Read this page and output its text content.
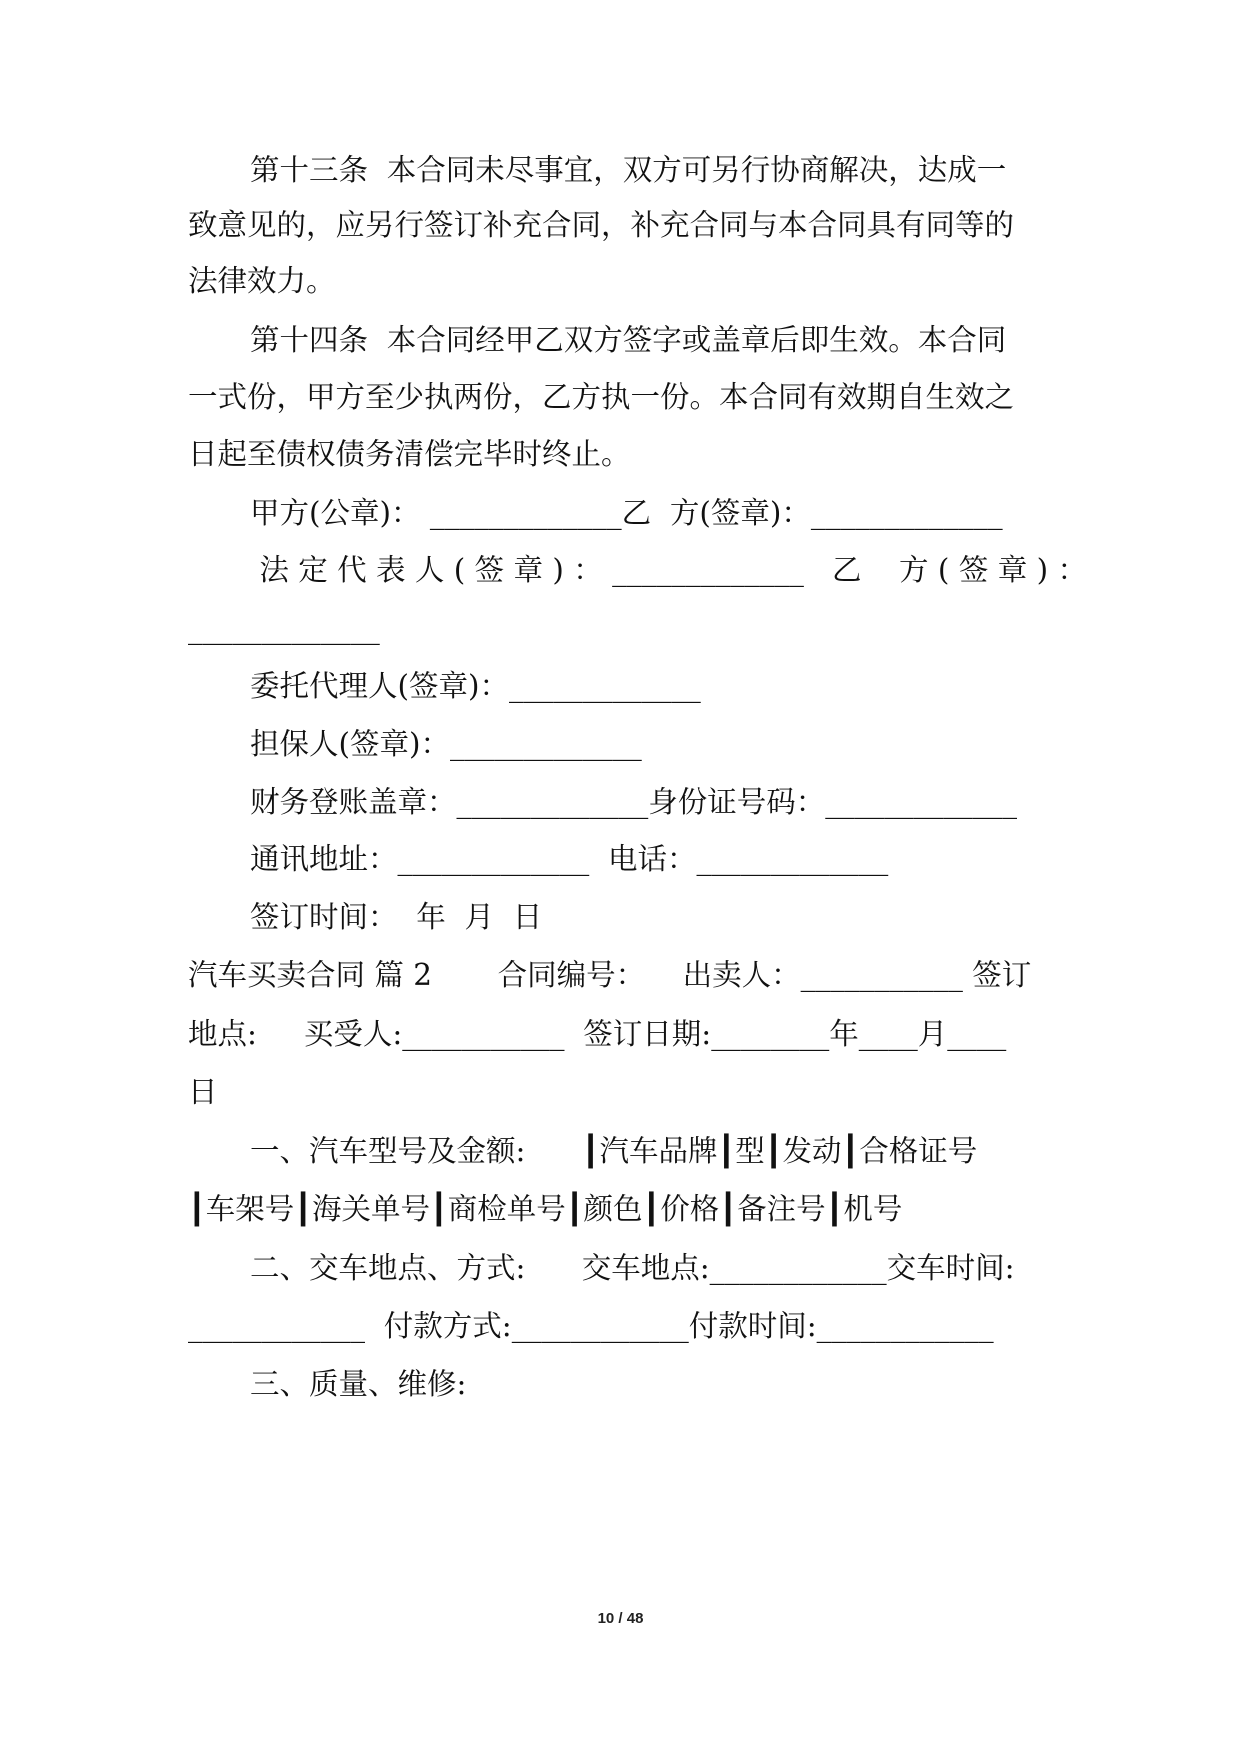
第十三条  本合同未尽事宜，双方可另行协商解决，达成一
致意见的，应另行签订补充合同，补充合同与本合同具有同等的
法律效力。
第十四条  本合同经甲乙双方签字或盖章后即生效。本合同
一式份，甲方至少执两份，乙方执一份。本合同有效期自生效之
日起至债权债务清偿完毕时终止。
甲方(公章)： _____________乙  方(签章)：_____________
法 定 代 表 人 ( 签 章 ) ： _____________   乙    方 ( 签 章 ) ：
_____________
委托代理人(签章)：_____________
担保人(签章)：_____________
财务登账盖章：_____________身份证号码：_____________
通讯地址：_____________  电话：_____________
签订时间：  年  月  日
汽车买卖合同 篇 2       合同编号：    出卖人：___________ 签订
地点:     买受人:___________  签订日期:________年____月____
日
一、汽车型号及金额:      ┃汽车品牌┃型┃发动┃合格证号
┃车架号┃海关单号┃商检单号┃颜色┃价格┃备注号┃机号
二、交车地点、方式:      交车地点:____________交车时间:
____________  付款方式:____________付款时间:____________
三、质量、维修:
10 / 48
